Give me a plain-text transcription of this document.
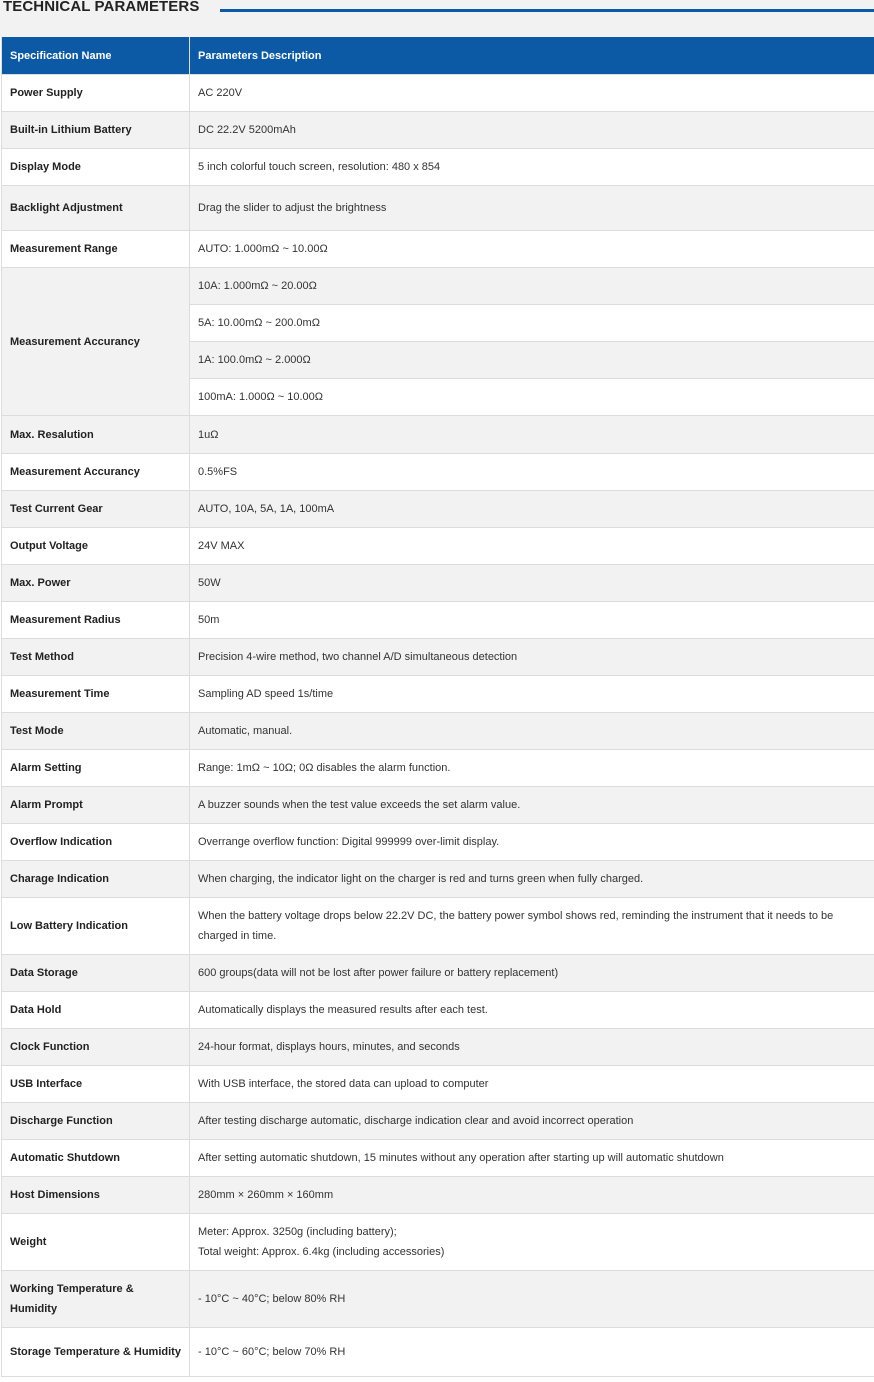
TECHNICAL PARAMETERS
Specification Name	Parameters Description
Power Supply	AC 220V
Built-in Lithium Battery	DC 22.2V 5200mAh
Display Mode	5 inch colorful touch screen, resolution: 480 x 854
Backlight Adjustment	Drag the slider to adjust the brightness
Measurement Range	AUTO: 1.000mΩ ~ 10.00Ω
Measurement Accurancy	10A: 1.000mΩ ~ 20.00Ω
	5A: 10.00mΩ ~ 200.0mΩ
	1A: 100.0mΩ ~ 2.000Ω
	100mA: 1.000Ω ~ 10.00Ω
Max. Resalution	1uΩ
Measurement Accurancy	0.5%FS
Test Current Gear	AUTO, 10A, 5A, 1A, 100mA
Output Voltage	24V MAX
Max. Power	50W
Measurement Radius	50m
Test Method	Precision 4-wire method, two channel A/D simultaneous detection
Measurement Time	Sampling AD speed 1s/time
Test Mode	Automatic, manual.
Alarm Setting	Range: 1mΩ ~ 10Ω; 0Ω disables the alarm function.
Alarm Prompt	A buzzer sounds when the test value exceeds the set alarm value.
Overflow Indication	Overrange overflow function: Digital 999999 over-limit display.
Charage Indication	When charging, the indicator light on the charger is red and turns green when fully charged.
Low Battery Indication	When the battery voltage drops below 22.2V DC, the battery power symbol shows red, reminding the instrument that it needs to be charged in time.
Data Storage	600 groups(data will not be lost after power failure or battery replacement)
Data Hold	Automatically displays the measured results after each test.
Clock Function	24-hour format, displays hours, minutes, and seconds
USB Interface	With USB interface, the stored data can upload to computer
Discharge Function	After testing discharge automatic, discharge indication clear and avoid incorrect operation
Automatic Shutdown	After setting automatic shutdown, 15 minutes without any operation after starting up will automatic shutdown
Host Dimensions	280mm × 260mm × 160mm
Weight	Meter: Approx. 3250g (including battery);
Total weight: Approx. 6.4kg (including accessories)

Working Temperature & Humidity	- 10°C ~ 40°C; below 80% RH
Storage Temperature & Humidity	- 10°C ~ 60°C; below 70% RH
